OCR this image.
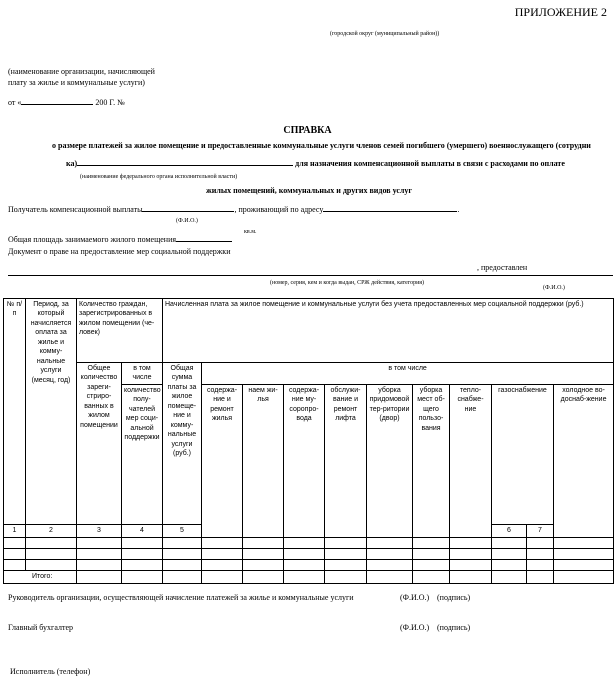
ПРИЛОЖЕНИЕ 2
(городской округ (муниципальный район))
(наименование организации, начисляющей
плату за жилье и коммунальные услуги)
от «	200 Г. №
СПРАВКА
о размере платежей за жилое помещение и предоставленные коммунальные услуги членов семей погибшего (умершего) военнослужащего (сотрудни
ка)	для назначения компенсационной выплаты в связи с расходами по оплате
(наименование федерального органа исполнительной власти)
жилых помещений, коммунальных и других видов услуг
Получатель компенсационной выплаты	, проживающий по адресу	.
(Ф.И.О.)
Общая площадь занимаемого жилого помещения
кв.м.
Документ о праве на предоставление мер социальной поддержки
, предоставлен
(номер, серия, кем и когда выдан, СРЖ действия, категория)
(Ф.И.О.)
№ п/п	Период, за который начисляется оплата за жилье и комму-нальные услуги (месяц, год)	Количество граждан, зарегистрированных в жилом помещении (че-ловек)		Начисленная плата за жилое помещение и коммунальные услуги без учета предоставленных мер социальной поддержки (руб.)											
		Общее количество зареги-стриро-ванных в жилом помещении	в том числе	Общая сумма платы за жилое помеще-ние и комму-нальные услуги (руб.)	в том числе										
			количество полу-чателей мер соци-альной поддержки		содержа-ние и ремонт жилья	наем жи-лья	содержа-ние му-соропро-вода	обслужи-вание и ремонт лифта	уборка придомовой тер-ритории (двор)	уборка мест об-щего пользо-вания	тепло-снабже-ние	газоснабжение		холодное во-доснаб-жение	
1	2	3	4	5								6	7								

Итого:															
Руководитель организации, осуществляющей начисление платежей за жилье и коммунальные услуги	(Ф.И.О.) (подпись)
Главный бухгалтер	(Ф.И.О.) (подпись)
Исполнитель (телефон)
